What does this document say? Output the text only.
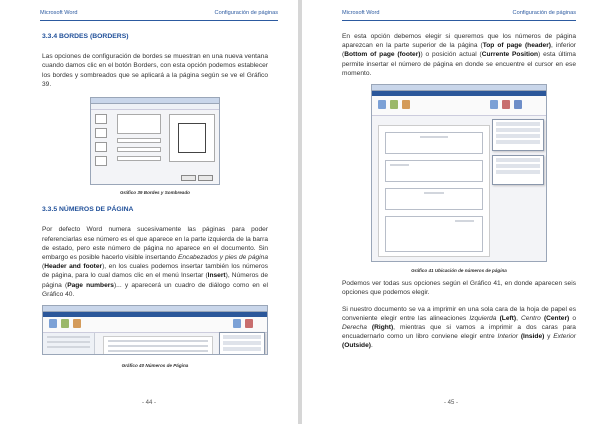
Microsoft Word	Configuración de páginas
3.3.4 BORDES (BORDERS)

Las opciones de configuración de bordes se muestran en una nueva ventana cuando damos clic en el botón Borders, con esta opción podemos establecer los bordes y sombreados que se aplicará a la página según se ve el Gráfico 39.

Gráfico 39 Bordes y Sombreado
3.3.5 NÚMEROS DE PÁGINA

Por defecto Word numera sucesivamente las páginas para poder referenciarlas ese número es el que aparece en la parte izquierda de la barra de estado, pero este número de página no aparece en el documento. Sin embargo es posible hacerlo visible insertando Encabezados y pies de página (Header and footer), en los cuales podemos insertar también los números de página, para lo cual damos clic en el menú Insertar (Insert), Números de página (Page numbers)... y aparecerá un cuadro de diálogo como en el Gráfico 40.

Gráfico 40 Números de Página
- 44 -
Microsoft Word	Configuración de páginas

En esta opción debemos elegir si queremos que los números de página aparezcan en la parte superior de la página (Top of page (header), inferior (Bottom of page (footer)) o posición actual (Currente Position) esta última permite insertar el número de página en donde se encuentre el cursor en ese momento.

Gráfico 41 Ubicación de números de página

Podemos ver todas sus opciones según el Gráfico 41, en donde aparecen seis opciones que podemos elegir.

Si nuestro documento se va a imprimir en una sola cara de la hoja de papel es conveniente elegir entre las alineaciones Izquierda (Left), Centro (Center) o Derecha (Right), mientras que si vamos a imprimir a dos caras para encuadernarlo como un libro conviene elegir entre Interior (Inside) y Exterior (Outside).

- 45 -
